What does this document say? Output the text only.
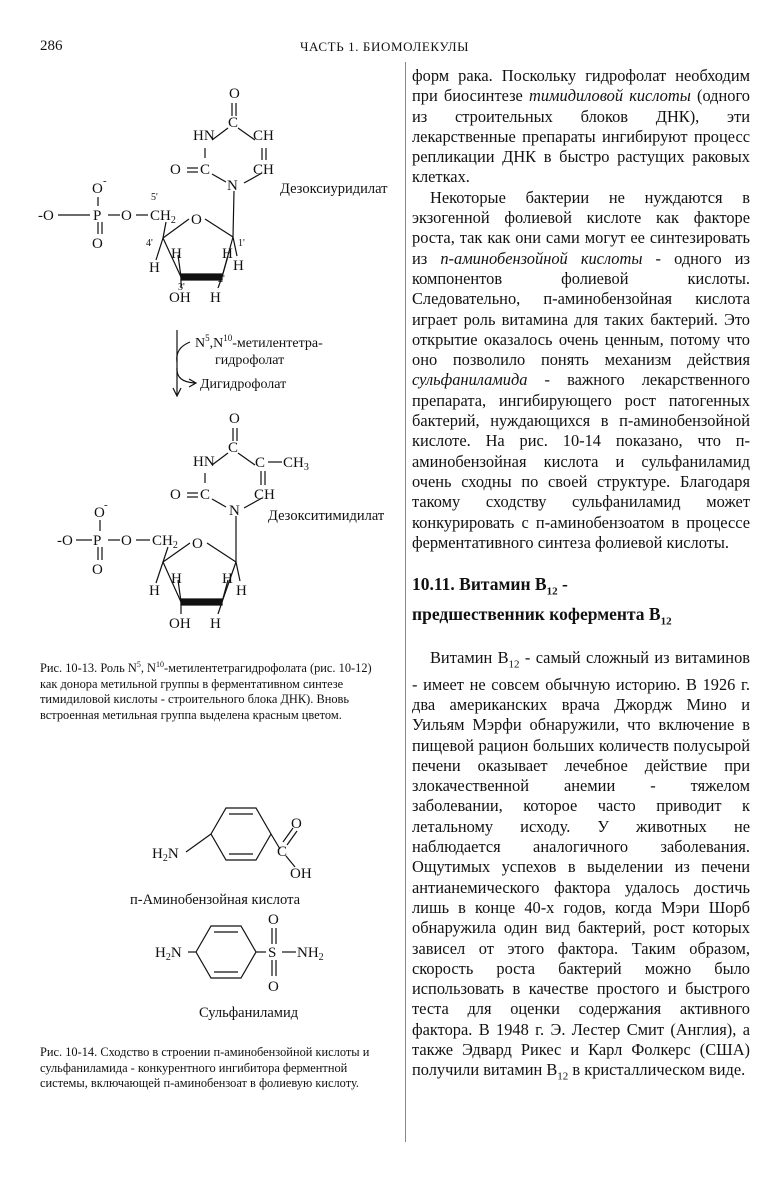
286	ЧАСТЬ 1. БИОМОЛЕКУЛЫ
O
HN
C
CH
O C	CH
N
O -
-O	P O $CH_2$
O
O
5'
4'	1'
3'
2'
H
H	H
H
OH H
Дезоксиуридилат
$N^5,N^{10}-метилентетра-$
гидрофолат
Дигидрофолат
O
HN
C
C $CH_3$
O C	CH
N
O -
-O P O $CH_2$
O
O
H
H	H
H
OH H
Дезокситимидилат
$H_2N$	C
O
OH
п-Аминобензойная кислота
$H_2N$
O
S $NH_2$
O
Сульфаниламид
Рис. 10-13. Роль $N^5$, $N^{10}$-метилентетрагидрофолата (рис. 10-12) как донора метильной группы в ферментативном синтезе тимидиловой кислоты - строительного блока ДНК). Вновь встроенная метильная группа выделена красным цветом.
Рис. 10-14. Сходство в строении п-аминобензойной кислоты и сульфаниламида - конкурентного ингибитора ферментной системы, включающей п-аминобензоат в фолиевую кислоту.

форм рака. Поскольку гидрофолат необходим при биосинтезе тимидиловой кислоты (одного из строительных блоков ДНК), эти лекарственные препараты ингибируют процесс репликации ДНК в быстро растущих раковых клетках.

Некоторые бактерии не нуждаются в экзогенной фолиевой кислоте как факторе роста, так как они сами могут ее синтезировать из п-аминобензойной кислоты - одного из компонентов фолиевой кислоты. Следовательно, п-аминобензойная кислота играет роль витамина для таких бактерий. Это открытие оказалось очень ценным, потому что оно позволило понять механизм действия сульфаниламида - важного лекарственного препарата, ингибирующего рост патогенных бактерий, нуждающихся в п-аминобензойной кислоте. На рис. 10-14 показано, что п-аминобензойная кислота и сульфаниламид очень сходны по своей структуре. Благодаря такому сходству сульфаниламид может конкурировать с п-аминобензоатом в процессе ферментативного синтеза фолиевой кислоты.

10.11. Витамин $B_{12}$ -
предшественник кофермента $B_{12}$

Витамин $B_{12}$ - самый сложный из витаминов - имеет не совсем обычную историю. В 1926 г. два американских врача Джордж Мино и Уильям Мэрфи обнаружили, что включение в пищевой рацион больших количеств полусырой печени оказывает лечебное действие при злокачественной анемии - тяжелом заболевании, которое часто приводит к летальному исходу. У животных не наблюдается аналогичного заболевания. Ощутимых успехов в выделении из печени антианемического фактора удалось достичь лишь в конце 40-х годов, когда Мэри Шорб обнаружила один вид бактерий, рост которых зависел от этого фактора. Таким образом, скорость роста бактерий можно было использовать в качестве простого и быстрого теста для оценки содержания активного фактора. В 1948 г. Э. Лестер Смит (Англия), а также Эдвард Рикес и Карл Фолкерс (США) получили витамин $B_{12}$ в кристаллическом виде.
